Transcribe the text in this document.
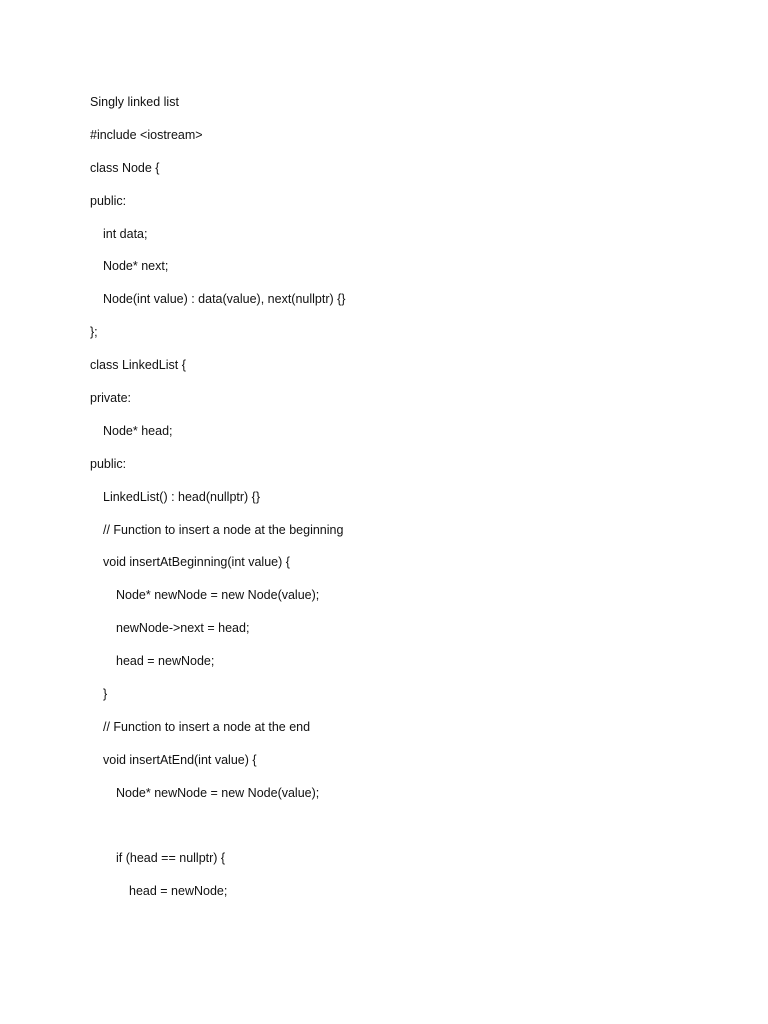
Singly linked list
#include <iostream>
class Node {
public:
int data;
Node* next;
Node(int value) : data(value), next(nullptr) {}
};
class LinkedList {
private:
Node* head;
public:
LinkedList() : head(nullptr) {}
// Function to insert a node at the beginning
void insertAtBeginning(int value) {
Node* newNode = new Node(value);
newNode->next = head;
head = newNode;
}
// Function to insert a node at the end
void insertAtEnd(int value) {
Node* newNode = new Node(value);
if (head == nullptr) {
head = newNode;
